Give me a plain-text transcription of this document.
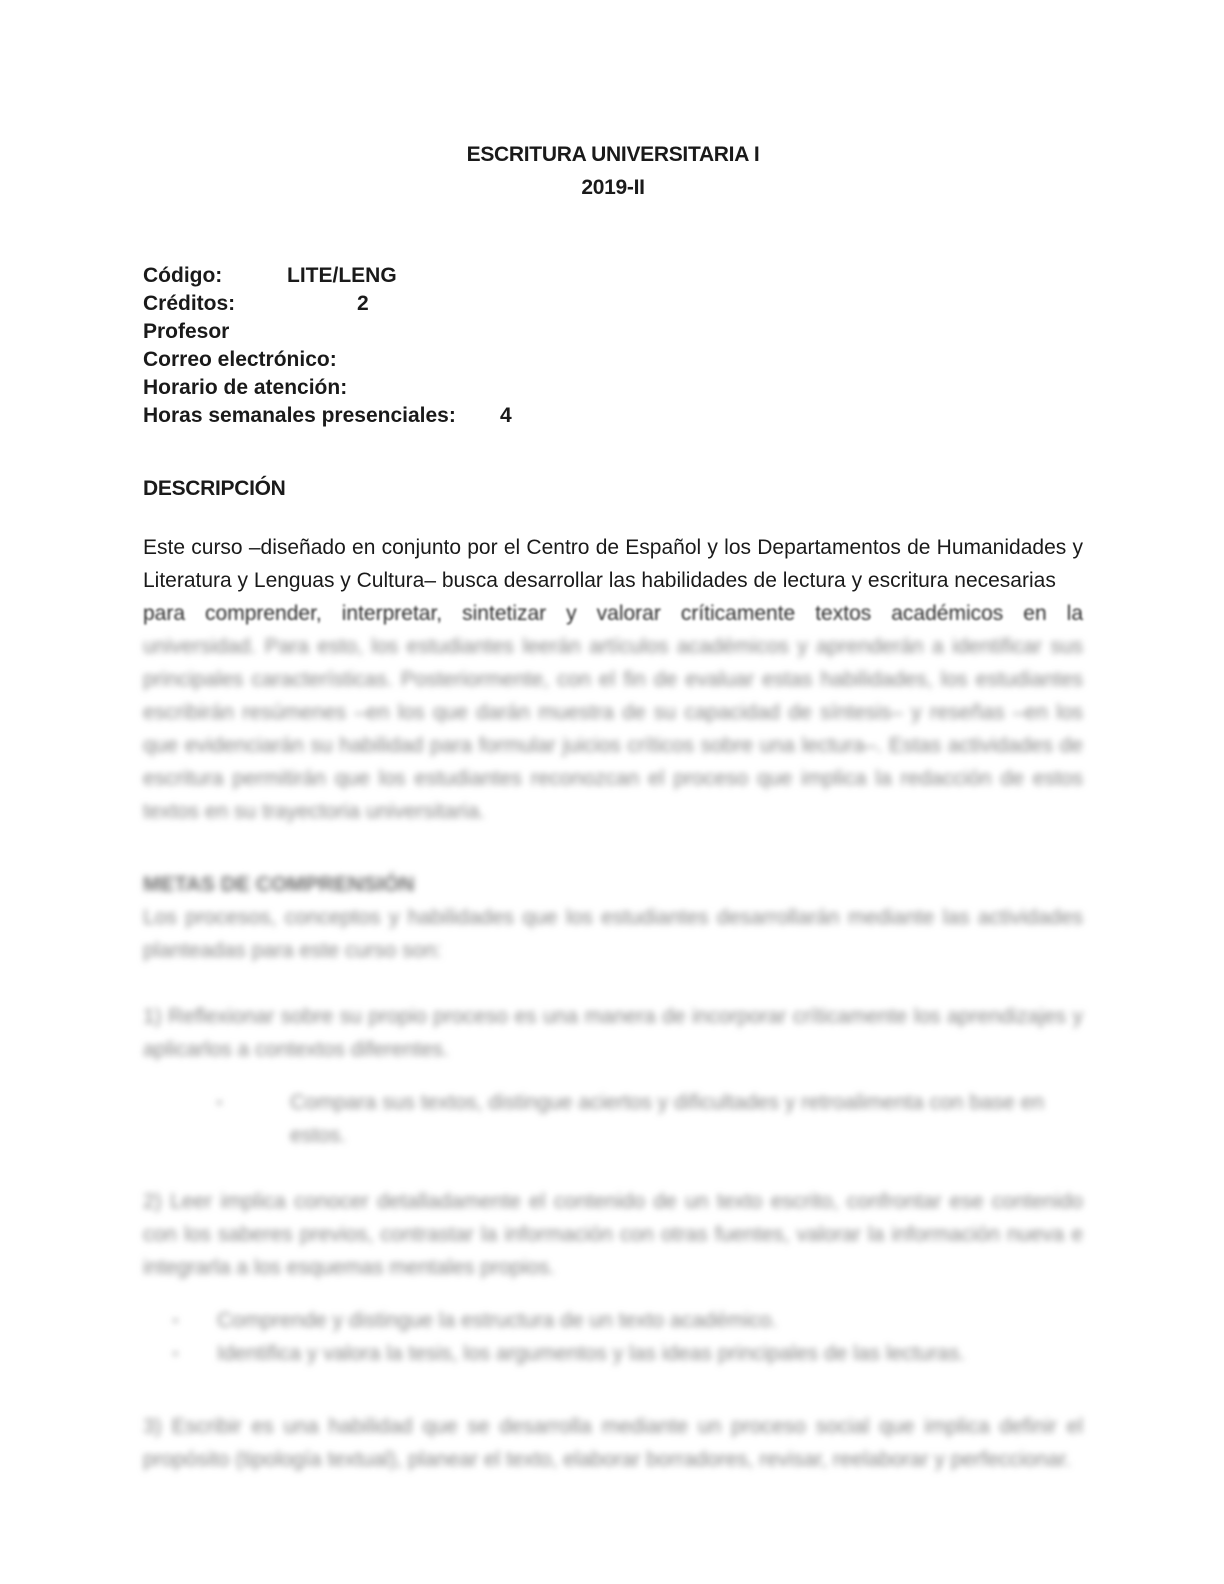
ESCRITURA UNIVERSITARIA I
2019-II
Código:	LITE/LENG
Créditos:	2
Profesor
Correo electrónico:
Horario de atención:
Horas semanales presenciales: 4
DESCRIPCIÓN

Este curso –diseñado en conjunto por el Centro de Español y los Departamentos de Humanidades y Literatura y Lenguas y Cultura– busca desarrollar las habilidades de lectura y escritura necesarias

para comprender, interpretar, sintetizar y valorar críticamente textos académicos en la

universidad. Para esto, los estudiantes leerán artículos académicos y aprenderán a identificar sus principales características. Posteriormente, con el fin de evaluar estas habilidades, los estudiantes escribirán resúmenes –en los que darán muestra de su capacidad de síntesis– y reseñas –en los que evidenciarán su habilidad para formular juicios críticos sobre una lectura–. Estas actividades de escritura permitirán que los estudiantes reconozcan el proceso que implica la redacción de estos textos en su trayectoria universitaria.

METAS DE COMPRENSIÓN

Los procesos, conceptos y habilidades que los estudiantes desarrollarán mediante las actividades planteadas para este curso son:

1) Reflexionar sobre su propio proceso es una manera de incorporar críticamente los aprendizajes y aplicarlos a contextos diferentes.

•	Compara sus textos, distingue aciertos y dificultades y retroalimenta con base en estos.

2) Leer implica conocer detalladamente el contenido de un texto escrito, confrontar ese contenido con los saberes previos, contrastar la información con otras fuentes, valorar la información nueva e integrarla a los esquemas mentales propios.

•	Comprende y distingue la estructura de un texto académico.
•	Identifica y valora la tesis, los argumentos y las ideas principales de las lecturas.

3) Escribir es una habilidad que se desarrolla mediante un proceso social que implica definir el propósito (tipología textual), planear el texto, elaborar borradores, revisar, reelaborar y perfeccionar.
